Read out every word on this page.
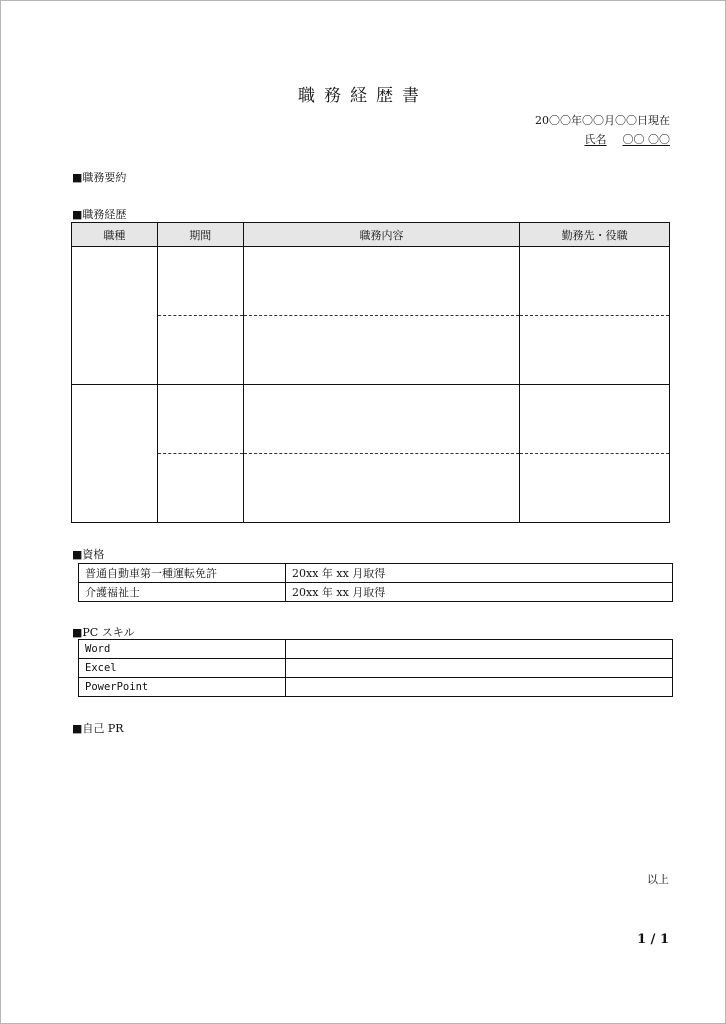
職務経歴書
20〇〇年〇〇月〇〇日現在
氏名 〇〇 〇〇
■職務要約
■職務経歴
職種	期間	職務内容	勤務先・役職

■資格
普通自動車第一種運転免許	20xx 年 xx 月取得
介護福祉士	20xx 年 xx 月取得
■PC スキル
Word	
Excel	
PowerPoint	
■自己 PR
以上
1 / 1
